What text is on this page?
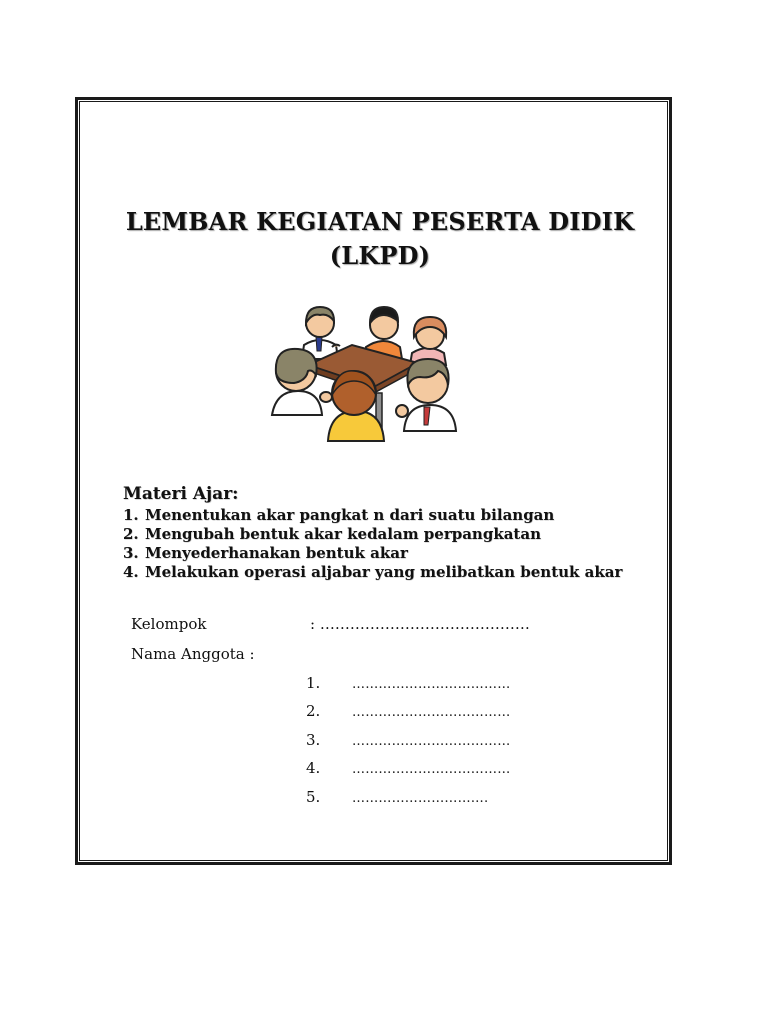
LEMBAR KEGIATAN PESERTA DIDIK
(LKPD)
Materi Ajar:
1. Menentukan akar pangkat n dari suatu bilangan
2. Mengubah bentuk akar kedalam perpangkatan
3. Menyederhanakan bentuk akar
4. Melakukan operasi aljabar yang melibatkan bentuk akar
Kelompok	: ……………………………………
Nama Anggota :
1. ………………………………
2. ………………………………
3. ………………………………
4. ………………………………
5. ………………………….
